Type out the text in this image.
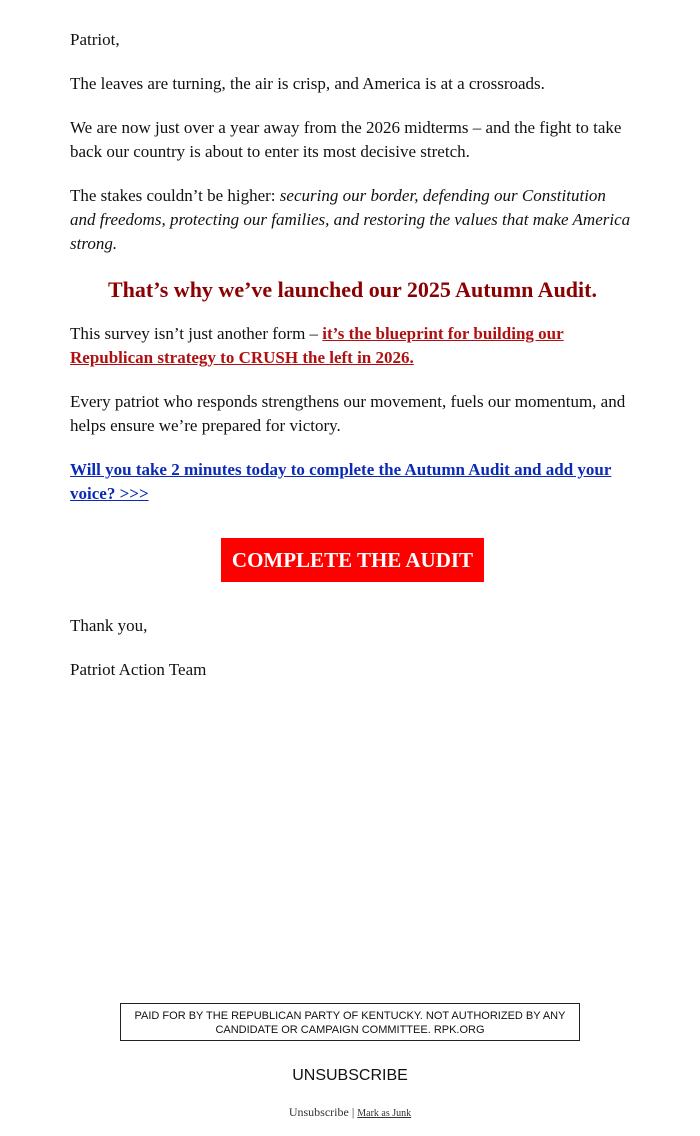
Patriot,

The leaves are turning, the air is crisp, and America is at a crossroads.

We are now just over a year away from the 2026 midterms – and the fight to take back our country is about to enter its most decisive stretch.

The stakes couldn’t be higher: securing our border, defending our Constitution and freedoms, protecting our families, and restoring the values that make America strong.

That’s why we’ve launched our 2025 Autumn Audit.

This survey isn’t just another form – it’s the blueprint for building our Republican strategy to CRUSH the left in 2026.

Every patriot who responds strengthens our movement, fuels our momentum, and helps ensure we’re prepared for victory.

Will you take 2 minutes today to complete the Autumn Audit and add your voice? >>>

COMPLETE THE AUDIT

Thank you,

Patriot Action Team

PAID FOR BY THE REPUBLICAN PARTY OF KENTUCKY. NOT AUTHORIZED BY ANY CANDIDATE OR CAMPAIGN COMMITTEE. RPK.ORG
UNSUBSCRIBE
Unsubscribe | Mark as Junk
